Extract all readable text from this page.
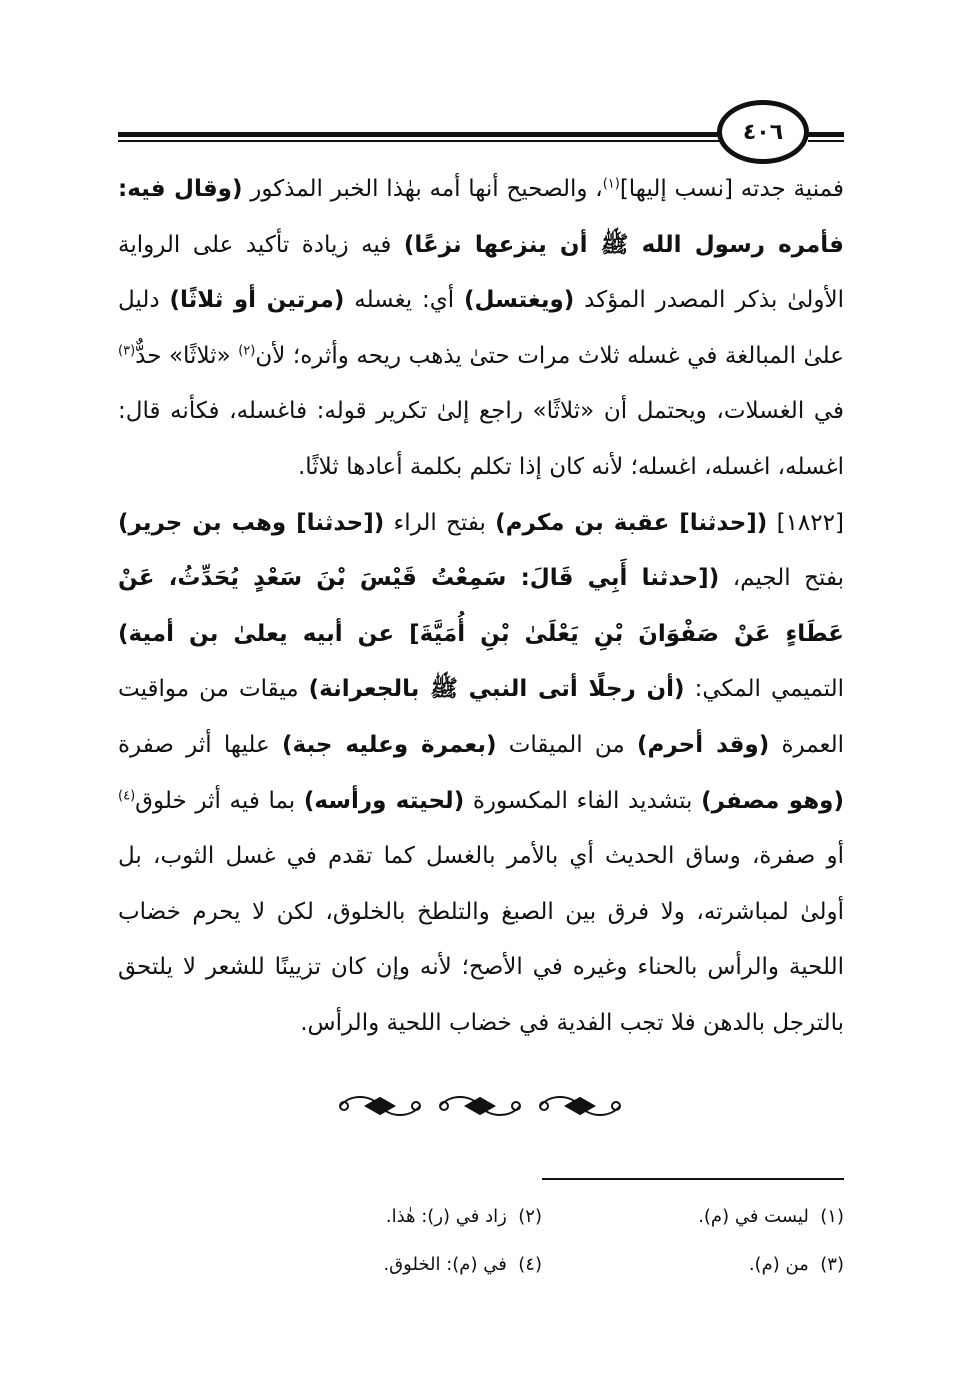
٤٠٦

فمنية جدته [نسب إليها]$^{(١)}$، والصحيح أنها أمه بهٰذا الخبر المذكور (وقال فيه: فأمره رسول الله ﷺ أن ينزعها نزعًا) فيه زيادة تأكيد على الرواية الأولىٰ بذكر المصدر المؤكد (ويغتسل) أي: يغسله (مرتين أو ثلاثًا) دليل علىٰ المبالغة في غسله ثلاث مرات حتىٰ يذهب ريحه وأثره؛ لأن$^{(٢)}$ «ثلاثًا» حدٌّ$^{(٣)}$ في الغسلات، ويحتمل أن «ثلاثًا» راجع إلىٰ تكرير قوله: فاغسله، فكأنه قال: اغسله، اغسله، اغسله؛ لأنه كان إذا تكلم بكلمة أعادها ثلاثًا.

[١٨٢٢] ([حدثنا] عقبة بن مكرم) بفتح الراء ([حدثنا] وهب بن جرير) بفتح الجيم، ([حدثنا أَبِي قَالَ: سَمِعْتُ قَيْسَ بْنَ سَعْدٍ يُحَدِّثُ، عَنْ عَطَاءٍ عَنْ صَفْوَانَ بْنِ يَعْلَىٰ بْنِ أُمَيَّةَ] عن أبيه يعلىٰ بن أمية) التميمي المكي: (أن رجلًا أتى النبي ﷺ بالجعرانة) ميقات من مواقيت العمرة (وقد أحرم) من الميقات (بعمرة وعليه جبة) عليها أثر صفرة (وهو مصفر) بتشديد الفاء المكسورة (لحيته ورأسه) بما فيه أثر خلوق$^{(٤)}$ أو صفرة، وساق الحديث أي بالأمر بالغسل كما تقدم في غسل الثوب، بل أولىٰ لمباشرته، ولا فرق بين الصبغ والتلطخ بالخلوق، لكن لا يحرم خضاب اللحية والرأس بالحناء وغيره في الأصح؛ لأنه وإن كان تزيينًا للشعر لا يلتحق بالترجل بالدهن فلا تجب الفدية في خضاب اللحية والرأس.

(١)  ليست في (م).
(٢)  زاد في (ر): هٰذا.
(٣)  من (م).
(٤)  في (م): الخلوق.
